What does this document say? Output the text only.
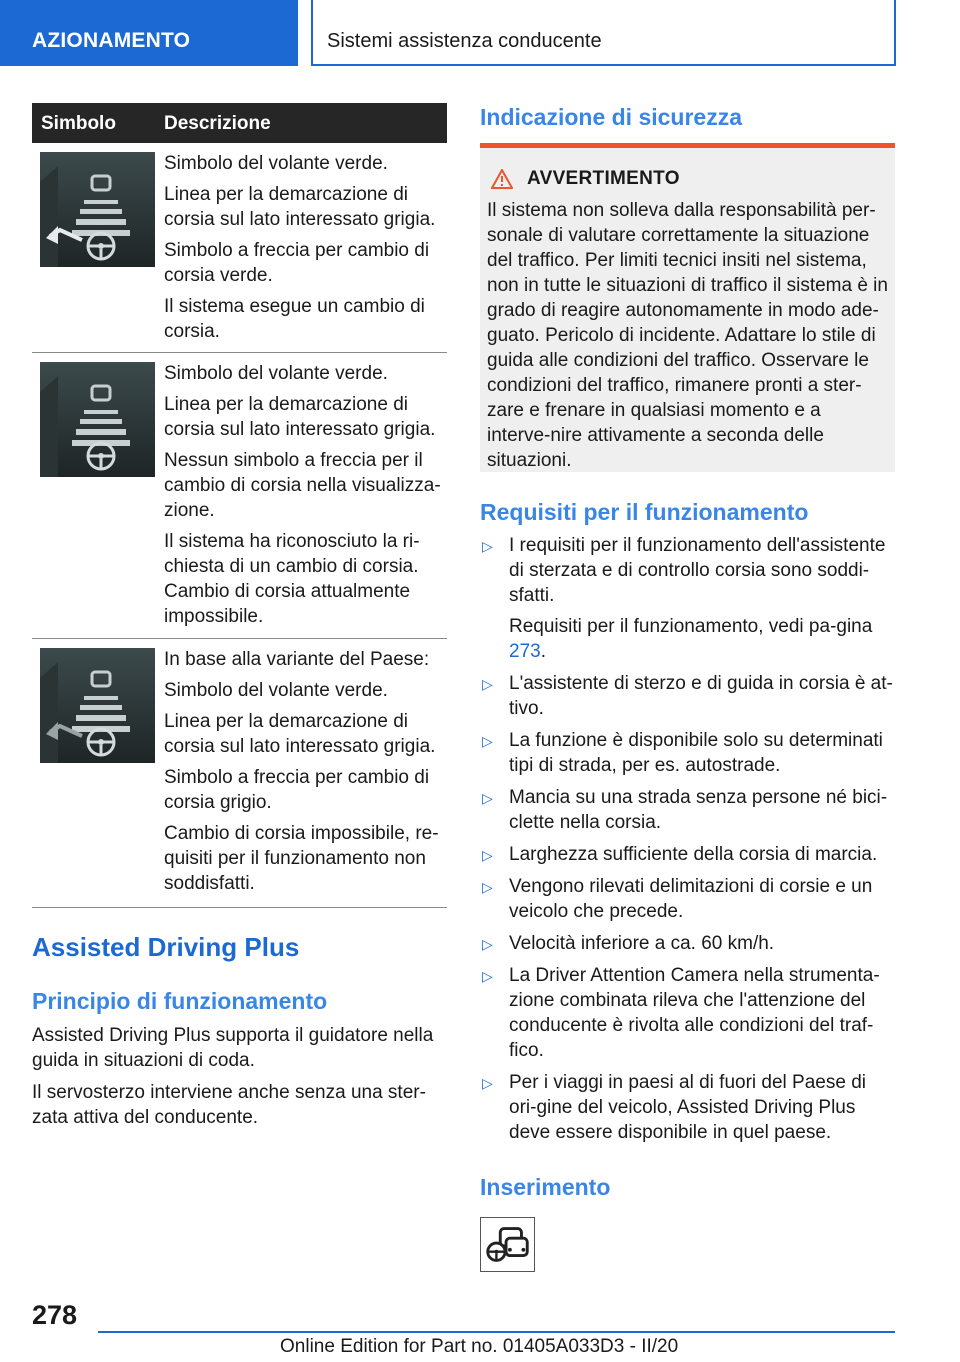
AZIONAMENTO	Sistemi assistenza conducente
Simbolo	Descrizione

Simbolo del volante verde.

Linea per la demarcazione di corsia sul lato interessato grigia.

Simbolo a freccia per cambio di corsia verde.

Il sistema esegue un cambio di corsia.

Simbolo del volante verde.

Linea per la demarcazione di corsia sul lato interessato grigia.

Nessun simbolo a freccia per il cambio di corsia nella visualizza-zione.

Il sistema ha riconosciuto la ri-chiesta di un cambio di corsia. Cambio di corsia attualmente impossibile.

In base alla variante del Paese:

Simbolo del volante verde.

Linea per la demarcazione di corsia sul lato interessato grigia.

Simbolo a freccia per cambio di corsia grigio.

Cambio di corsia impossibile, re-quisiti per il funzionamento non soddisfatti.

Assisted Driving Plus
Principio di funzionamento

Assisted Driving Plus supporta il guidatore nella guida in situazioni di coda.

Il servosterzo interviene anche senza una ster-zata attiva del conducente.

Indicazione di sicurezza
AVVERTIMENTO

Il sistema non solleva dalla responsabilità per-sonale di valutare correttamente la situazione del traffico. Per limiti tecnici insiti nel sistema, non in tutte le situazioni di traffico il sistema è in grado di reagire autonomamente in modo ade-guato. Pericolo di incidente. Adattare lo stile di guida alle condizioni del traffico. Osservare le condizioni del traffico, rimanere pronti a ster-zare e frenare in qualsiasi momento e a interve-nire attivamente a seconda delle situazioni.

Requisiti per il funzionamento
▷ I requisiti per il funzionamento dell'assistente di sterzata e di controllo corsia sono soddi-sfatti.

Requisiti per il funzionamento, vedi pa-gina 273.

▷ L'assistente di sterzo e di guida in corsia è at-tivo.

▷ La funzione è disponibile solo su determinati tipi di strada, per es. autostrade.

▷ Mancia su una strada senza persone né bici-clette nella corsia.

▷ Larghezza sufficiente della corsia di marcia.

▷ Vengono rilevati delimitazioni di corsie e un veicolo che precede.

▷ Velocità inferiore a ca. 60 km/h.

▷ La Driver Attention Camera nella strumenta-zione combinata rileva che l'attenzione del conducente è rivolta alle condizioni del traf-fico.

▷ Per i viaggi in paesi al di fuori del Paese di ori-gine del veicolo, Assisted Driving Plus deve essere disponibile in quel paese.

Inserimento
278
Online Edition for Part no. 01405A033D3 - II/20
